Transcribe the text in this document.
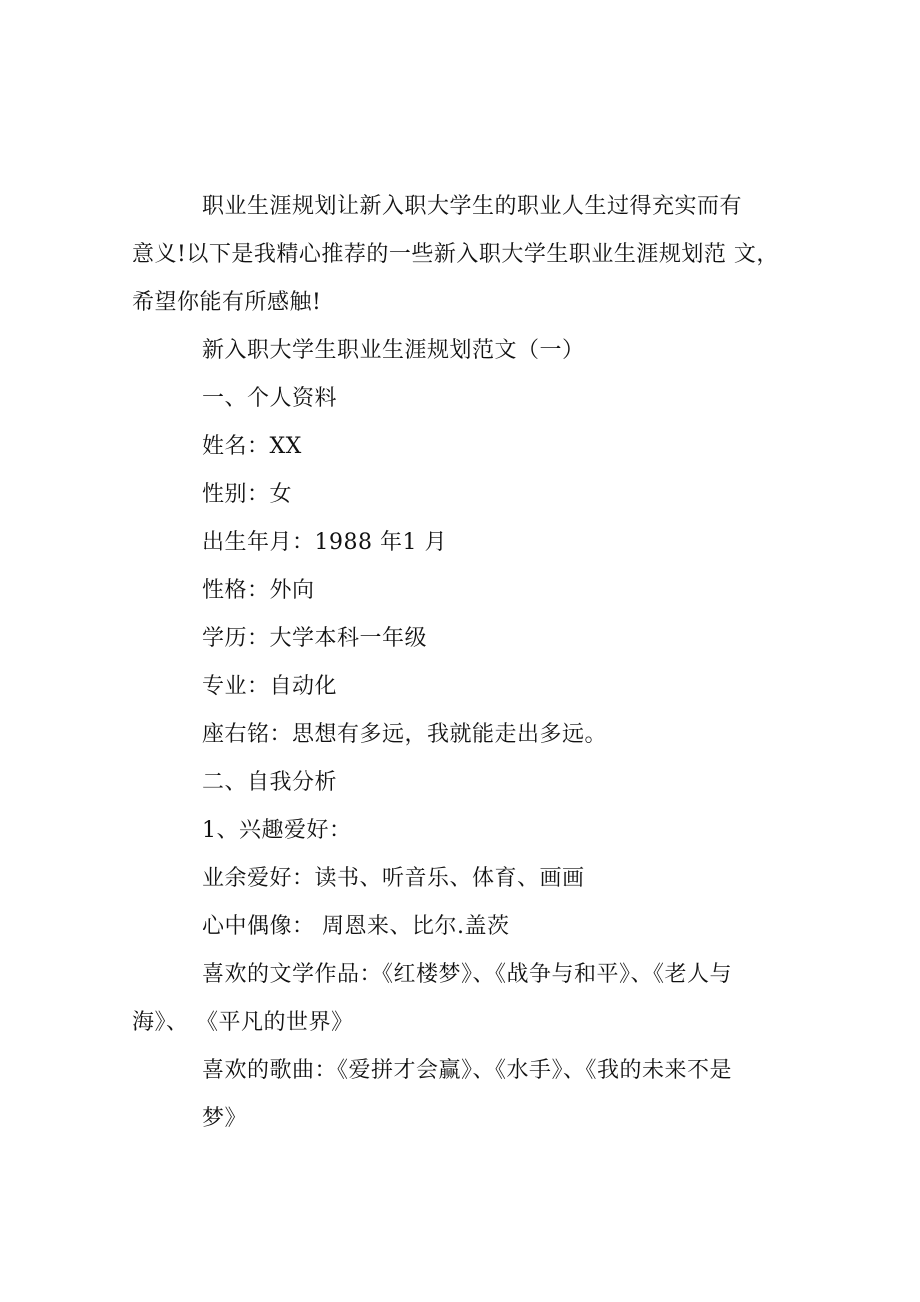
职业生涯规划让新入职大学生的职业人生过得充实而有
意义!以下是我精心推荐的一些新入职大学生职业生涯规划范 文，
希望你能有所感触!
新入职大学生职业生涯规划范文（一）
一、个人资料
姓名：XX
性别：女
出生年月：1988 年1 月
性格：外向
学历：大学本科一年级
专业：自动化
座右铭：思想有多远，我就能走出多远。
二、自我分析
1、兴趣爱好：
业余爱好：读书、听音乐、体育、画画
心中偶像： 周恩来、比尔.盖茨
喜欢的文学作品：《红楼梦》、《战争与和平》、《老人与
海》、 《平凡的世界》
喜欢的歌曲：《爱拼才会赢》、《水手》、《我的未来不是
梦》
